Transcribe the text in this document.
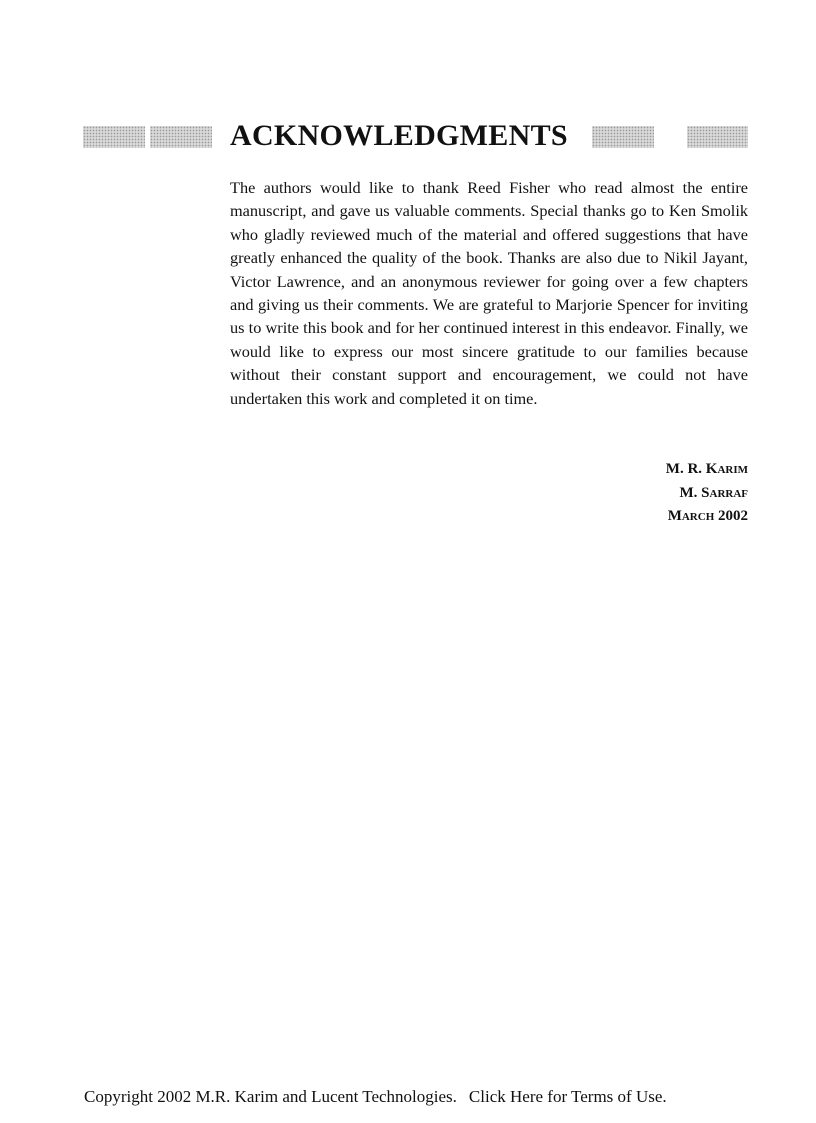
ACKNOWLEDGMENTS

The authors would like to thank Reed Fisher who read almost the entire manuscript, and gave us valuable comments. Special thanks go to Ken Smolik who gladly reviewed much of the material and offered suggestions that have greatly enhanced the quality of the book. Thanks are also due to Nikil Jayant, Victor Lawrence, and an anonymous reviewer for going over a few chapters and giving us their comments. We are grateful to Marjorie Spencer for inviting us to write this book and for her continued interest in this endeavor. Finally, we would like to express our most sincere gratitude to our families because without their constant support and encouragement, we could not have undertaken this work and completed it on time.

M. R. Karim
M. Sarraf
March 2002
Copyright 2002 M.R. Karim and Lucent Technologies. Click Here for Terms of Use.
